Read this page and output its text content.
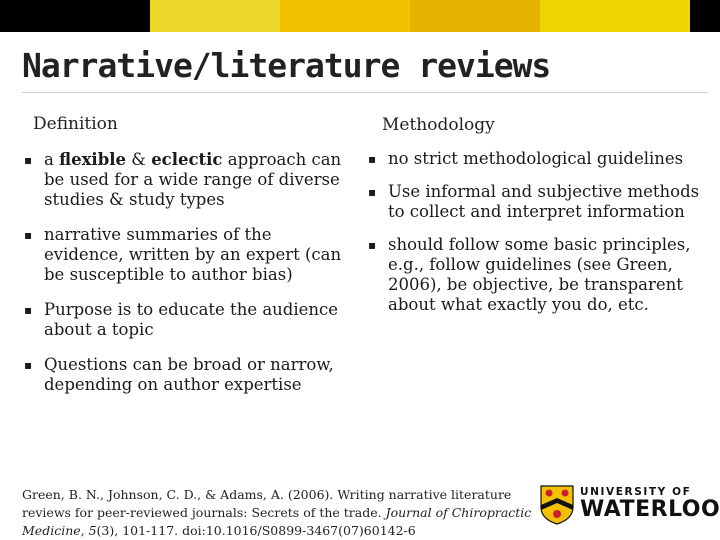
Narrative/literature reviews
Definition
▪ a flexible & eclectic approach can be used for a wide range of diverse studies & study types
▪ narrative summaries of the evidence, written by an expert (can be susceptible to author bias)
▪ Purpose is to educate the audience about a topic
▪ Questions can be broad or narrow, depending on author expertise
Methodology
▪ no strict methodological guidelines
▪ Use informal and subjective methods to collect and interpret information
▪ should follow some basic principles, e.g., follow guidelines (see Green, 2006), be objective, be transparent about what exactly you do, etc.

Green, B. N., Johnson, C. D., & Adams, A. (2006). Writing narrative literature reviews for peer-reviewed journals: Secrets of the trade. Journal of Chiropractic Medicine, 5(3), 101-117. doi:10.1016/S0899-3467(07)60142-6

UNIVERSITY OF
WATERLOO
